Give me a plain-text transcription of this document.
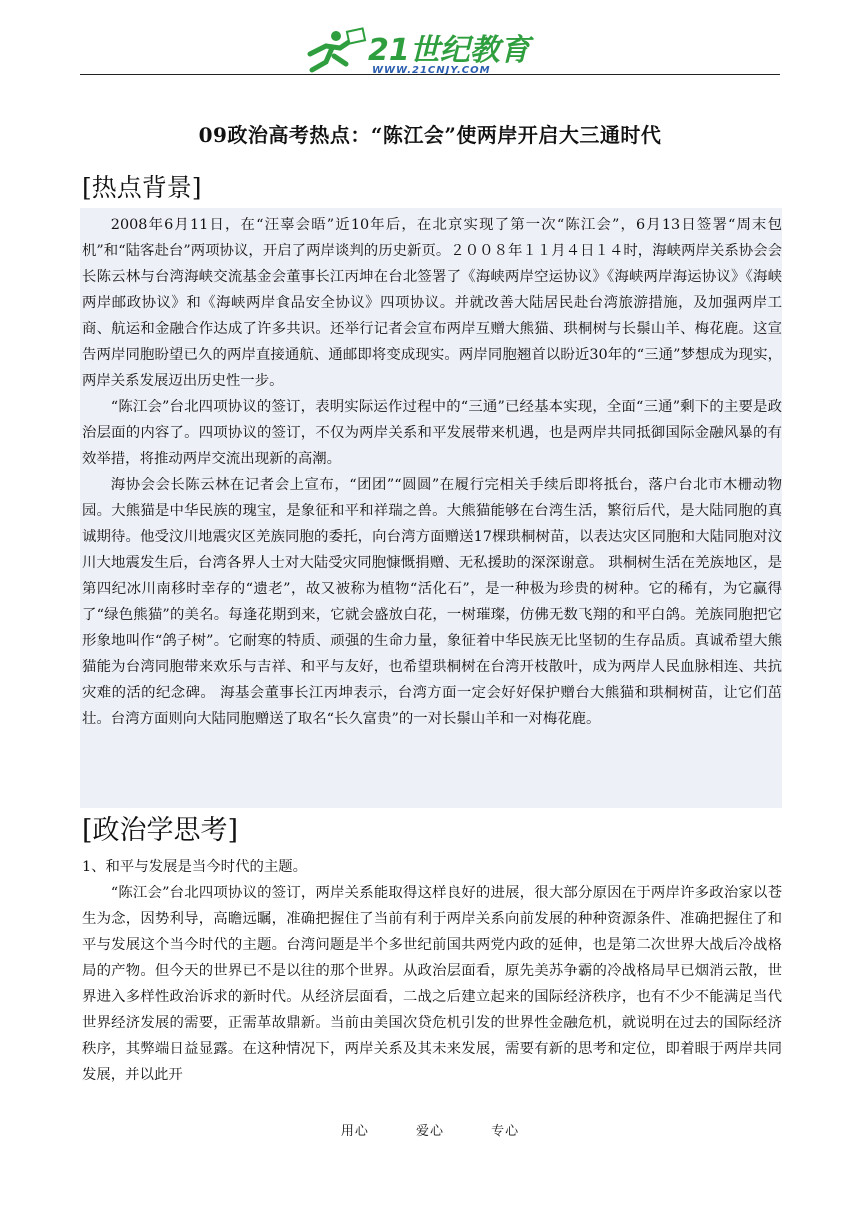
21世纪教育
WWW.21CNJY.COM
09政治高考热点：“陈江会”使两岸开启大三通时代
[热点背景]

2008年6月11日，在“汪辜会晤”近10年后，在北京实现了第一次“陈江会”，6月13日签署“周末包机”和“陆客赴台”两项协议，开启了两岸谈判的历史新页。２００８年１１月４日１４时，海峡两岸关系协会会长陈云林与台湾海峡交流基金会董事长江丙坤在台北签署了《海峡两岸空运协议》《海峡两岸海运协议》《海峡两岸邮政协议》和《海峡两岸食品安全协议》四项协议。并就改善大陆居民赴台湾旅游措施，及加强两岸工商、航运和金融合作达成了许多共识。还举行记者会宣布两岸互赠大熊猫、珙桐树与长鬃山羊、梅花鹿。这宣告两岸同胞盼望已久的两岸直接通航、通邮即将变成现实。两岸同胞翘首以盼近30年的“三通”梦想成为现实，两岸关系发展迈出历史性一步。

“陈江会”台北四项协议的签订，表明实际运作过程中的“三通”已经基本实现，全面“三通”剩下的主要是政治层面的内容了。四项协议的签订，不仅为两岸关系和平发展带来机遇，也是两岸共同抵御国际金融风暴的有效举措，将推动两岸交流出现新的高潮。

海协会会长陈云林在记者会上宣布，“团团”“圆圆”在履行完相关手续后即将抵台，落户台北市木栅动物园。大熊猫是中华民族的瑰宝，是象征和平和祥瑞之兽。大熊猫能够在台湾生活，繁衍后代，是大陆同胞的真诚期待。他受汶川地震灾区羌族同胞的委托，向台湾方面赠送17棵珙桐树苗，以表达灾区同胞和大陆同胞对汶川大地震发生后，台湾各界人士对大陆受灾同胞慷慨捐赠、无私援助的深深谢意。 珙桐树生活在羌族地区，是第四纪冰川南移时幸存的“遗老”，故又被称为植物“活化石”，是一种极为珍贵的树种。它的稀有，为它赢得了“绿色熊猫”的美名。每逢花期到来，它就会盛放白花，一树璀璨，仿佛无数飞翔的和平白鸽。羌族同胞把它形象地叫作“鸽子树”。它耐寒的特质、顽强的生命力量，象征着中华民族无比坚韧的生存品质。真诚希望大熊猫能为台湾同胞带来欢乐与吉祥、和平与友好，也希望珙桐树在台湾开枝散叶，成为两岸人民血脉相连、共抗灾难的活的纪念碑。 海基会董事长江丙坤表示，台湾方面一定会好好保护赠台大熊猫和珙桐树苗，让它们茁壮。台湾方面则向大陆同胞赠送了取名“长久富贵”的一对长鬃山羊和一对梅花鹿。

[政治学思考]

1、和平与发展是当今时代的主题。

“陈江会”台北四项协议的签订，两岸关系能取得这样良好的进展，很大部分原因在于两岸许多政治家以苍生为念，因势利导，高瞻远瞩，准确把握住了当前有利于两岸关系向前发展的种种资源条件、准确把握住了和平与发展这个当今时代的主题。台湾问题是半个多世纪前国共两党内政的延伸，也是第二次世界大战后冷战格局的产物。但今天的世界已不是以往的那个世界。从政治层面看，原先美苏争霸的冷战格局早已烟消云散，世界进入多样性政治诉求的新时代。从经济层面看，二战之后建立起来的国际经济秩序，也有不少不能满足当代世界经济发展的需要，正需革故鼎新。当前由美国次贷危机引发的世界性金融危机，就说明在过去的国际经济秩序，其弊端日益显露。在这种情况下，两岸关系及其未来发展，需要有新的思考和定位，即着眼于两岸共同发展，并以此开

用心	爱心	专心
